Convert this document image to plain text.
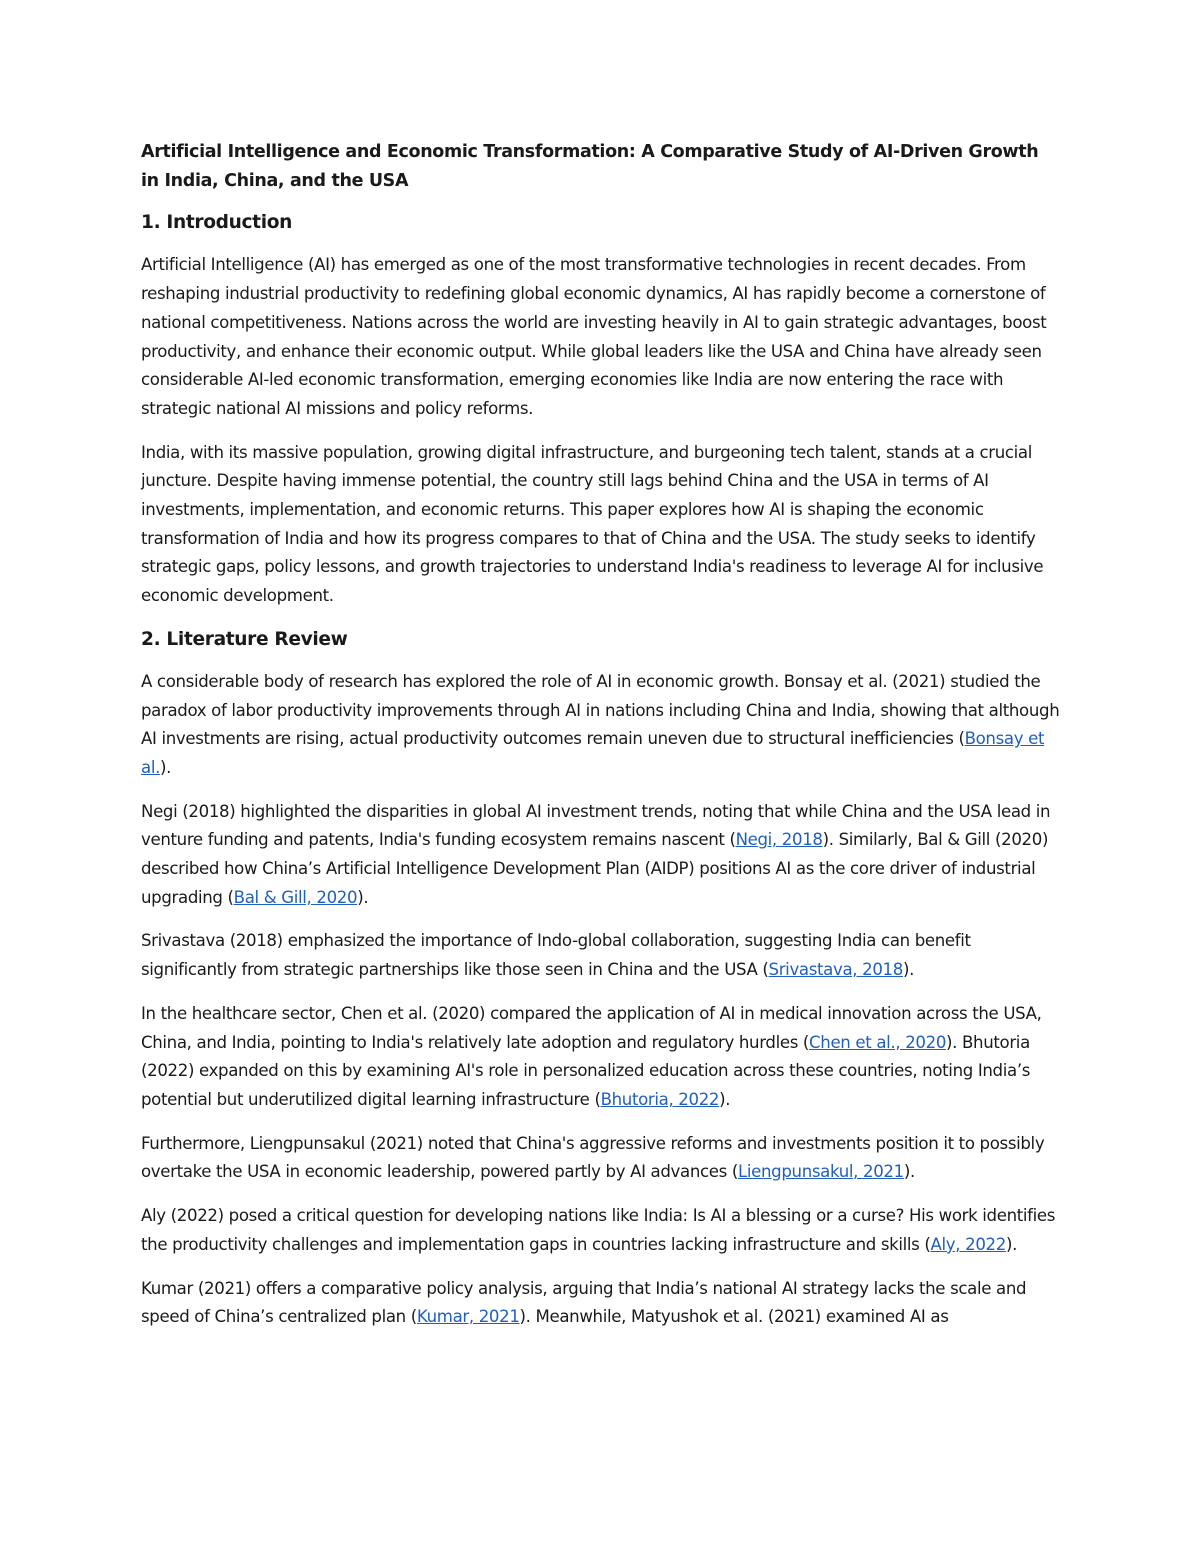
Artificial Intelligence and Economic Transformation: A Comparative Study of AI-Driven Growth in India, China, and the USA
1. Introduction

Artificial Intelligence (AI) has emerged as one of the most transformative technologies in recent decades. From reshaping industrial productivity to redefining global economic dynamics, AI has rapidly become a cornerstone of national competitiveness. Nations across the world are investing heavily in AI to gain strategic advantages, boost productivity, and enhance their economic output. While global leaders like the USA and China have already seen considerable AI-led economic transformation, emerging economies like India are now entering the race with strategic national AI missions and policy reforms.

India, with its massive population, growing digital infrastructure, and burgeoning tech talent, stands at a crucial juncture. Despite having immense potential, the country still lags behind China and the USA in terms of AI investments, implementation, and economic returns. This paper explores how AI is shaping the economic transformation of India and how its progress compares to that of China and the USA. The study seeks to identify strategic gaps, policy lessons, and growth trajectories to understand India's readiness to leverage AI for inclusive economic development.

2. Literature Review

A considerable body of research has explored the role of AI in economic growth. Bonsay et al. (2021) studied the paradox of labor productivity improvements through AI in nations including China and India, showing that although AI investments are rising, actual productivity outcomes remain uneven due to structural inefficiencies (Bonsay et al.).

Negi (2018) highlighted the disparities in global AI investment trends, noting that while China and the USA lead in venture funding and patents, India's funding ecosystem remains nascent (Negi, 2018). Similarly, Bal & Gill (2020) described how China’s Artificial Intelligence Development Plan (AIDP) positions AI as the core driver of industrial upgrading (Bal & Gill, 2020).

Srivastava (2018) emphasized the importance of Indo-global collaboration, suggesting India can benefit significantly from strategic partnerships like those seen in China and the USA (Srivastava, 2018).

In the healthcare sector, Chen et al. (2020) compared the application of AI in medical innovation across the USA, China, and India, pointing to India's relatively late adoption and regulatory hurdles (Chen et al., 2020). Bhutoria (2022) expanded on this by examining AI's role in personalized education across these countries, noting India’s potential but underutilized digital learning infrastructure (Bhutoria, 2022).

Furthermore, Liengpunsakul (2021) noted that China's aggressive reforms and investments position it to possibly overtake the USA in economic leadership, powered partly by AI advances (Liengpunsakul, 2021).

Aly (2022) posed a critical question for developing nations like India: Is AI a blessing or a curse? His work identifies the productivity challenges and implementation gaps in countries lacking infrastructure and skills (Aly, 2022).

Kumar (2021) offers a comparative policy analysis, arguing that India’s national AI strategy lacks the scale and speed of China’s centralized plan (Kumar, 2021). Meanwhile, Matyushok et al. (2021) examined AI as
